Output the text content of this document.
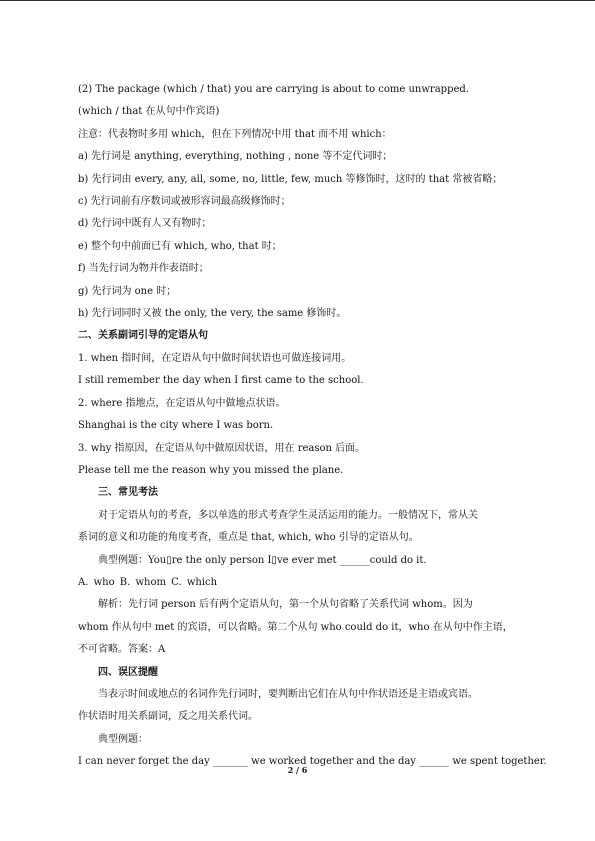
(2) The package (which / that) you are carrying is about to come unwrapped.
(which / that 在从句中作宾语)
注意：代表物时多用 which，但在下列情况中用 that 而不用 which：
a) 先行词是 anything, everything, nothing , none 等不定代词时；
b) 先行词由 every, any, all, some, no, little, few, much 等修饰时，这时的 that 常被省略；
c) 先行词前有序数词或被形容词最高级修饰时；
d) 先行词中既有人又有物时；
e) 整个句中前面已有 which, who, that 时；
f) 当先行词为物并作表语时；
g) 先行词为 one 时；
h) 先行词同时又被 the only, the very, the same 修饰时。
二、关系副词引导的定语从句
1. when 指时间，在定语从句中做时间状语也可做连接词用。
I still remember the day when I first came to the school.
2. where 指地点，在定语从句中做地点状语。
Shanghai is the city where I was born.
3. why 指原因，在定语从句中做原因状语，用在 reason 后面。
Please tell me the reason why you missed the plane.
三、常见考法
对于定语从句的考查，多以单选的形式考查学生灵活运用的能力。一般情况下，常从关
系词的意义和功能的角度考查，重点是 that, which, who 引导的定语从句。
典型例题：You▯re the only person I▯ve ever met ______could do it.
A. who B. whom C. which
解析：先行词 person 后有两个定语从句，第一个从句省略了关系代词 whom。因为
whom 作从句中 met 的宾语，可以省略。第二个从句 who could do it，who 在从句中作主语，
不可省略。答案：A
四、误区提醒
当表示时间或地点的名词作先行词时，要判断出它们在从句中作状语还是主语或宾语。
作状语时用关系副词，反之用关系代词。
典型例题：
I can never forget the day _______ we worked together and the day ______ we spent together.
2 / 6
